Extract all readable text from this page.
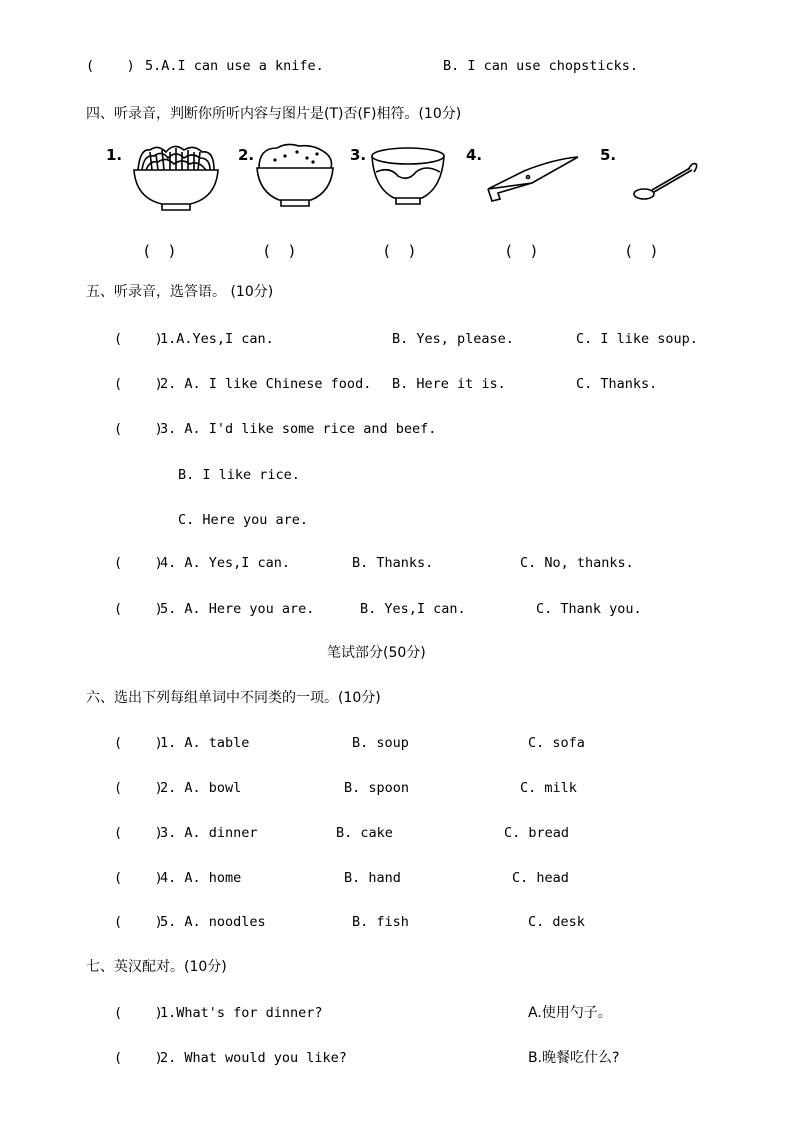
(    ) 5.A.I can use a knife.	B. I can use chopsticks.
四、听录音，判断你所听内容与图片是(T)否(F)相符。(10分)
1.	2.	3.	4.	5.
(    )	(    )	(    )	(    )	(    )
五、听录音，选答语。 (10分)
(    )
1.A.Yes,I can.	B. Yes, please.	C. I like soup.
(    )
2. A. I like Chinese food. B. Here it is.	C. Thanks.
(    )
3. A. I'd like some rice and beef.
B. I like rice.
C. Here you are.
(    )
4. A. Yes,I can.	B. Thanks.	C. No, thanks.
(    )
5. A. Here you are.	B. Yes,I can.	C. Thank you.
笔试部分(50分)
六、选出下列每组单词中不同类的一项。(10分)
(    )
1. A. table	B. soup	C. sofa
(    )
2. A. bowl	B. spoon	C. milk
(    )
3. A. dinner	B. cake	C. bread
(    )
4. A. home	B. hand	C. head
(    )
5. A. noodles	B. fish	C. desk
七、英汉配对。(10分)
(    )
1.What's for dinner?	A.使用勺子。
(    )
2. What would you like?	B.晚餐吃什么?
